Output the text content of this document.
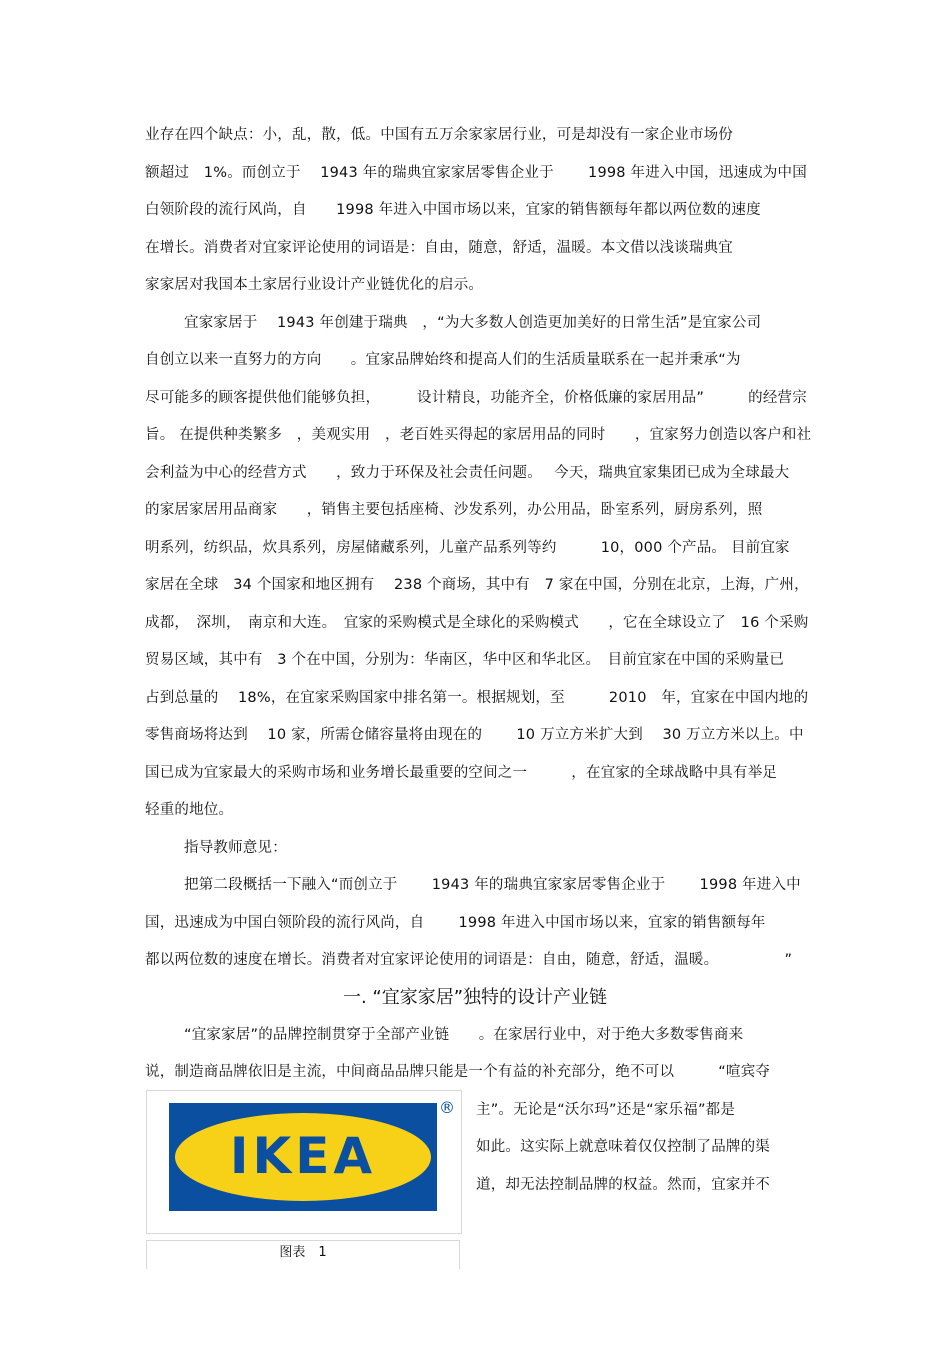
业存在四个缺点：小，乱，散，低。中国有五万余家家居行业，可是却没有一家企业市场份
额超过　1%。而创立于　 1943 年的瑞典宜家家居零售企业于　　 1998 年进入中国，迅速成为中国
白领阶段的流行风尚，自　　1998 年进入中国市场以来，宜家的销售额每年都以两位数的速度
在增长。消费者对宜家评论使用的词语是：自由，随意，舒适，温暖。本文借以浅谈瑞典宜
家家居对我国本土家居行业设计产业链优化的启示。
宜家家居于　 1943 年创建于瑞典　，“为大多数人创造更加美好的日常生活”是宜家公司
自创立以来一直努力的方向　　。宜家品牌始终和提高人们的生活质量联系在一起并秉承“为
尽可能多的顾客提供他们能够负担，　　　设计精良，功能齐全，价格低廉的家居用品”　　　的经营宗
旨。 在提供种类繁多　，美观实用　，老百姓买得起的家居用品的同时　　，宜家努力创造以客户和社
会利益为中心的经营方式　　，致力于环保及社会责任问题。　 今天，瑞典宜家集团已成为全球最大
的家居家居用品商家　　，销售主要包括座椅、沙发系列，办公用品，卧室系列，厨房系列，照
明系列，纺织品，炊具系列，房屋储藏系列，儿童产品系列等约　　　10，000 个产品。 目前宜家
家居在全球　34 个国家和地区拥有　 238 个商场，其中有　7 家在中国，分别在北京，上海，广州，
成都，　深圳，　南京和大连。　宜家的采购模式是全球化的采购模式　　，它在全球设立了　16 个采购
贸易区域，其中有　3 个在中国，分别为：华南区，华中区和华北区。　目前宜家在中国的采购量已
占到总量的　 18%，在宜家采购国家中排名第一。根据规划，至　　　2010　年，宜家在中国内地的
零售商场将达到　 10 家，所需仓储容量将由现在的　　 10 万立方米扩大到　 30 万立方米以上。中
国已成为宜家最大的采购市场和业务增长最重要的空间之一　　　，在宜家的全球战略中具有举足
轻重的地位。
指导教师意见：
把第二段概括一下融入“而创立于　　 1943 年的瑞典宜家家居零售企业于　　 1998 年进入中
国，迅速成为中国白领阶段的流行风尚，自　　 1998 年进入中国市场以来，宜家的销售额每年
都以两位数的速度在增长。消费者对宜家评论使用的词语是：自由，随意，舒适，温暖。　　　　　”
一. “宜家家居”独特的设计产业链
“宜家家居”的品牌控制贯穿于全部产业链　　。在家居行业中，对于绝大多数零售商来
说，制造商品牌依旧是主流，中间商品品牌只能是一个有益的补充部分，绝不可以　　　“喧宾夺
主”。无论是“沃尔玛”还是“家乐福”都是
如此。这实际上就意味着仅仅控制了品牌的渠
道，却无法控制品牌的权益。然而，宜家并不
IKEA
®
图表　1
